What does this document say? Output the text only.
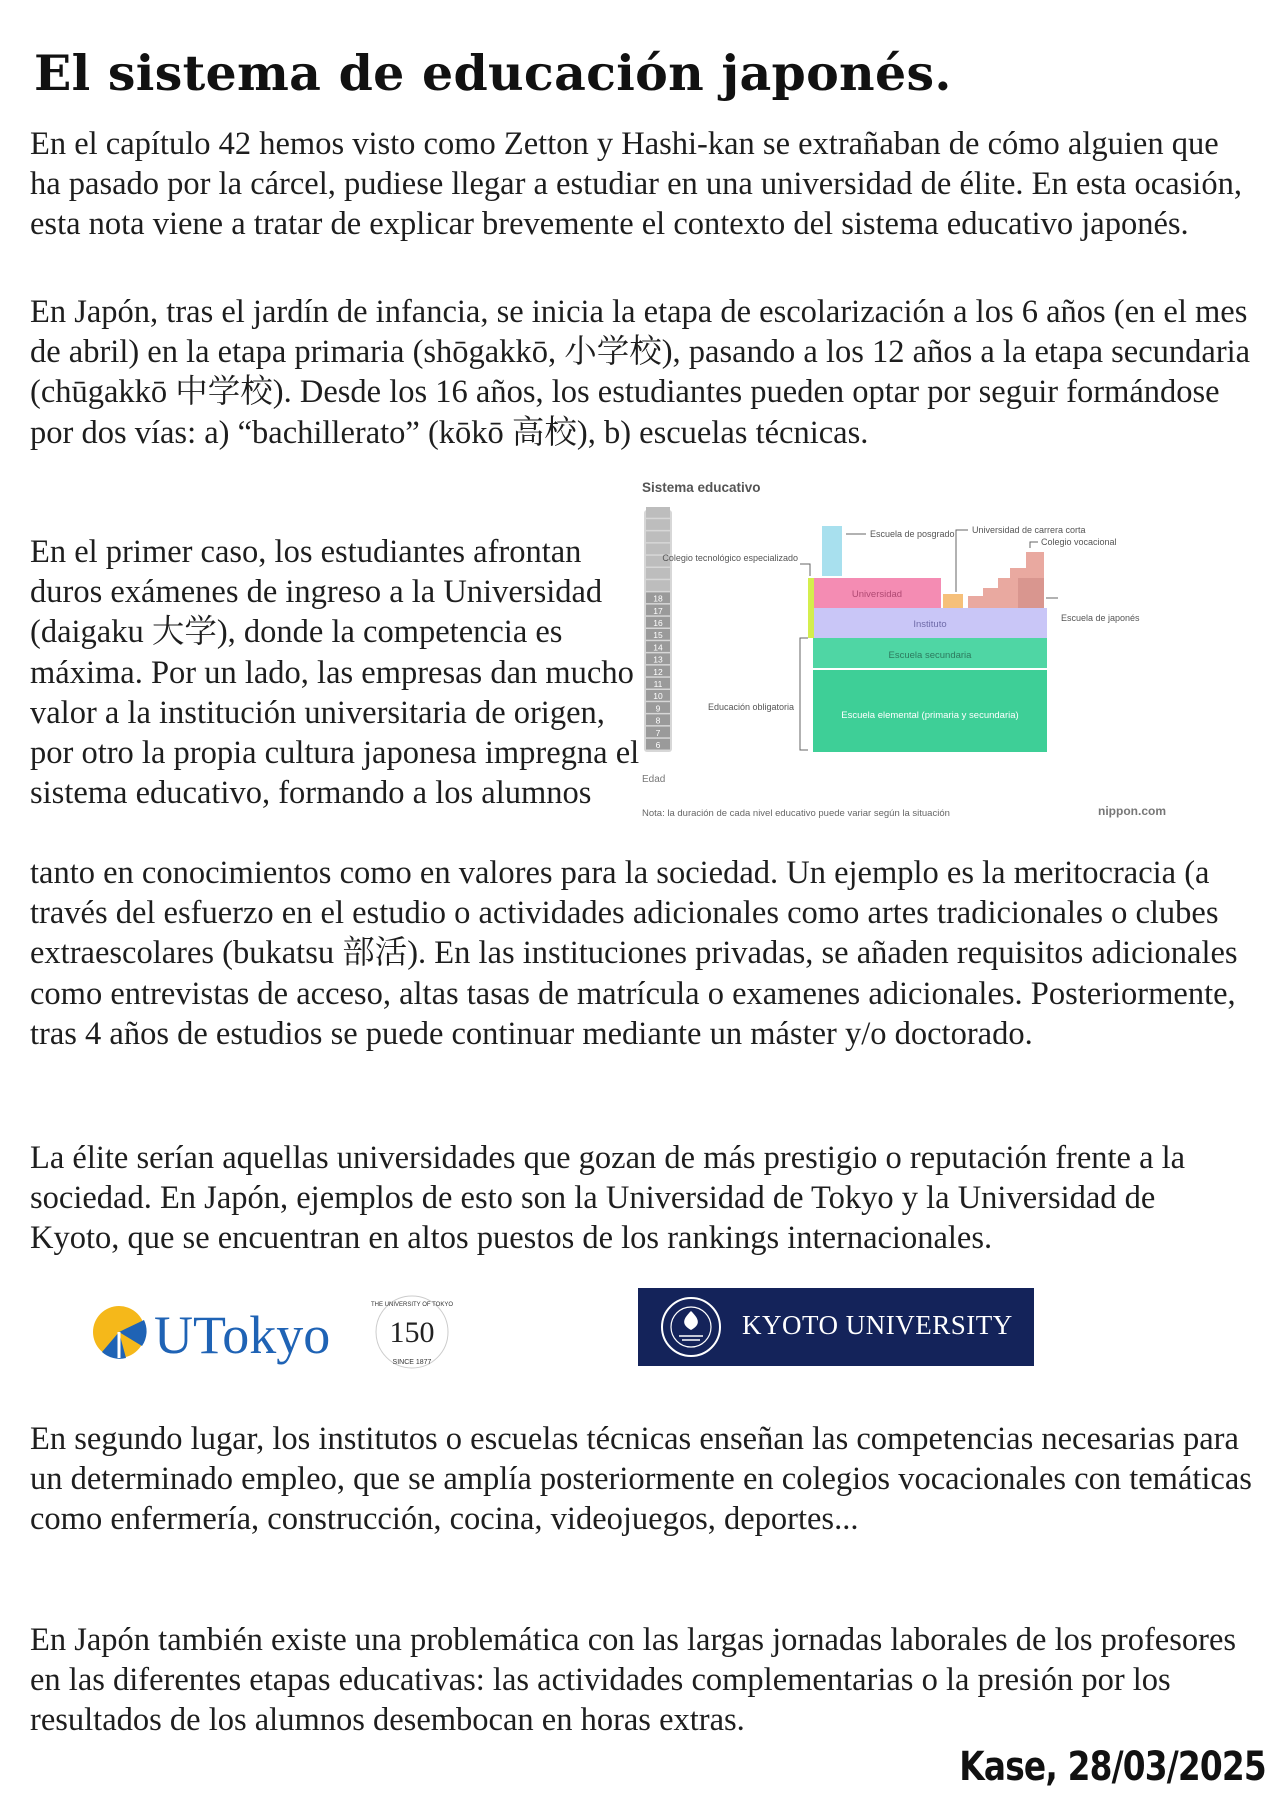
El sistema de educación japonés.

En el capítulo 42 hemos visto como Zetton y Hashi-kan se extrañaban de cómo alguien que ha pasado por la cárcel, pudiese llegar a estudiar en una universidad de élite. En esta ocasión, esta nota viene a tratar de explicar brevemente el contexto del sistema educativo japonés.

En Japón, tras el jardín de infancia, se inicia la etapa de escolarización a los 6 años (en el mes de abril) en la etapa primaria (shōgakkō, 小学校), pasando a los 12 años a la etapa secundaria (chūgakkō 中学校). Desde los 16 años, los estudiantes pueden optar por seguir formándose por dos vías: a) “bachillerato” (kōkō 高校), b) escuelas técnicas.

En el primer caso, los estudiantes afrontan duros exámenes de ingreso a la Universidad (daigaku 大学), donde la competencia es máxima. Por un lado, las empresas dan mucho valor a la institución universitaria de origen, por otro la propia cultura japonesa impregna el sistema educativo, formando a los alumnos

Sistema educativo
6
7
8
9
10
11
12
13
14
15
16
17
18
Edad
Escuela elemental (primaria y secundaria)
Escuela secundaria
Instituto
Universidad
Escuela de posgrado Universidad de carrera corta
Colegio vocacional
Colegio tecnológico especializado
Escuela de japonés
Educación obligatoria
Nota: la duración de cada nivel educativo puede variar según la situación	nippon.com

tanto en conocimientos como en valores para la sociedad. Un ejemplo es la meritocracia (a través del esfuerzo en el estudio o actividades adicionales como artes tradicionales o clubes extraescolares (bukatsu 部活). En las instituciones privadas, se añaden requisitos adicionales como entrevistas de acceso, altas tasas de matrícula o examenes adicionales. Posteriormente, tras 4 años de estudios se puede continuar mediante un máster y/o doctorado.

La élite serían aquellas universidades que gozan de más prestigio o reputación frente a la sociedad. En Japón, ejemplos de esto son la Universidad de Tokyo y la Universidad de Kyoto, que se encuentran en altos puestos de los rankings internacionales.

UTokyo 150
THE UNIVERSITY OF TOKYO
SINCE 1877
KYOTO UNIVERSITY

En segundo lugar, los institutos o escuelas técnicas enseñan las competencias necesarias para un determinado empleo, que se amplía posteriormente en colegios vocacionales con temáticas como enfermería, construcción, cocina, videojuegos, deportes...

En Japón también existe una problemática con las largas jornadas laborales de los profesores en las diferentes etapas educativas: las actividades complementarias o la presión por los resultados de los alumnos desembocan en horas extras.

Kase, 28/03/2025
